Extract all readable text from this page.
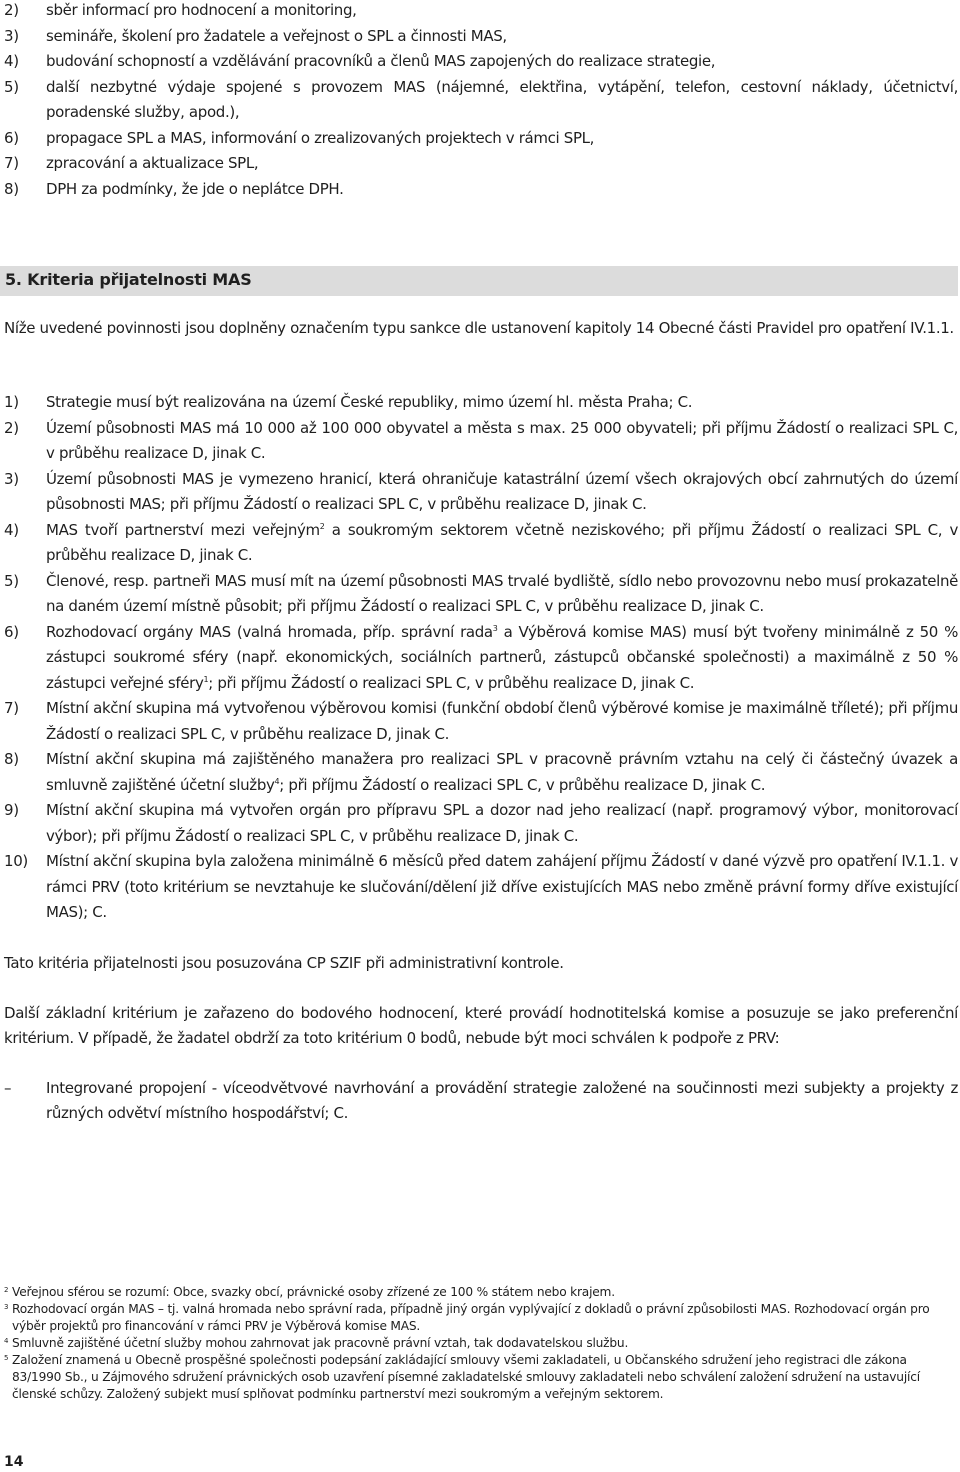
2)	sběr informací pro hodnocení a monitoring,
3)	semináře, školení pro žadatele a veřejnost o SPL a činnosti MAS,
4)	budování schopností a vzdělávání pracovníků a členů MAS zapojených do realizace strategie,
5)	další nezbytné výdaje spojené s provozem MAS (nájemné, elektřina, vytápění, telefon, cestovní náklady, účetnictví, poradenské služby, apod.),
6)	propagace SPL a MAS, informování o zrealizovaných projektech v rámci SPL,
7)	zpracování a aktualizace SPL,
8)	DPH za podmínky, že jde o neplátce DPH.
5. Kriteria přijatelnosti MAS
Níže uvedené povinnosti jsou doplněny označením typu sankce dle ustanovení kapitoly 14 Obecné části Pravidel pro opatření IV.1.1.
1)	Strategie musí být realizována na území České republiky, mimo území hl. města Praha; C.
2)	Území působnosti MAS má 10 000 až 100 000 obyvatel a města s max. 25 000 obyvateli; při příjmu Žádostí o realizaci SPL C, v průběhu realizace D, jinak C.
3)	Území působnosti MAS je vymezeno hranicí, která ohraničuje katastrální území všech okrajových obcí zahrnutých do území působnosti MAS; při příjmu Žádostí o realizaci SPL C, v průběhu realizace D, jinak C.
4)	MAS tvoří partnerství mezi veřejným$^2$ a soukromým sektorem včetně neziskového; při příjmu Žádostí o realizaci SPL C, v průběhu realizace D, jinak C.
5)	Členové, resp. partneři MAS musí mít na území působnosti MAS trvalé bydliště, sídlo nebo provozovnu nebo musí prokazatelně na daném území místně působit; při příjmu Žádostí o realizaci SPL C, v průběhu realizace D, jinak C.
6)	Rozhodovací orgány MAS (valná hromada, příp. správní rada$^3$ a Výběrová komise MAS) musí být tvořeny minimálně z 50 % zástupci soukromé sféry (např. ekonomických, sociálních partnerů, zástupců občanské společnosti) a maximálně z 50 % zástupci veřejné sféry$^1$; při příjmu Žádostí o realizaci SPL C, v průběhu realizace D, jinak C.
7)	Místní akční skupina má vytvořenou výběrovou komisi (funkční období členů výběrové komise je maximálně tříleté); při příjmu Žádostí o realizaci SPL C, v průběhu realizace D, jinak C.
8)	Místní akční skupina má zajištěného manažera pro realizaci SPL v pracovně právním vztahu na celý či částečný úvazek a smluvně zajištěné účetní služby$^4$; při příjmu Žádostí o realizaci SPL C, v průběhu realizace D, jinak C.
9)	Místní akční skupina má vytvořen orgán pro přípravu SPL a dozor nad jeho realizací (např. programový výbor, monitorovací výbor); při příjmu Žádostí o realizaci SPL C, v průběhu realizace D, jinak C.
10)	Místní akční skupina byla založena minimálně 6 měsíců před datem zahájení příjmu Žádostí v dané výzvě pro opatření IV.1.1. v rámci PRV (toto kritérium se nevztahuje ke slučování/dělení již dříve existujících MAS nebo změně právní formy dříve existující MAS); C.
Tato kritéria přijatelnosti jsou posuzována CP SZIF při administrativní kontrole.
Další základní kritérium je zařazeno do bodového hodnocení, které provádí hodnotitelská komise a posuzuje se jako preferenční kritérium. V případě, že žadatel obdrží za toto kritérium 0 bodů, nebude být moci schválen k podpoře z PRV:
–	Integrované propojení - víceodvětvové navrhování a provádění strategie založené na součinnosti mezi subjekty a projekty z různých odvětví místního hospodářství; C.
2 Veřejnou sférou se rozumí: Obce, svazky obcí, právnické osoby zřízené ze 100 % státem nebo krajem.
3 Rozhodovací orgán MAS – tj. valná hromada nebo správní rada, případně jiný orgán vyplývající z dokladů o právní způsobilosti MAS. Rozhodovací orgán pro výběr projektů pro financování v rámci PRV je Výběrová komise MAS.
4 Smluvně zajištěné účetní služby mohou zahrnovat jak pracovně právní vztah, tak dodavatelskou službu.
5 Založení znamená u Obecně prospěšné společnosti podepsání zakládající smlouvy všemi zakladateli, u Občanského sdružení jeho registraci dle zákona 83/1990 Sb., u Zájmového sdružení právnických osob uzavření písemné zakladatelské smlouvy zakladateli nebo schválení založení sdružení na ustavující členské schůzy. Založený subjekt musí splňovat podmínku partnerství mezi soukromým a veřejným sektorem.
14
